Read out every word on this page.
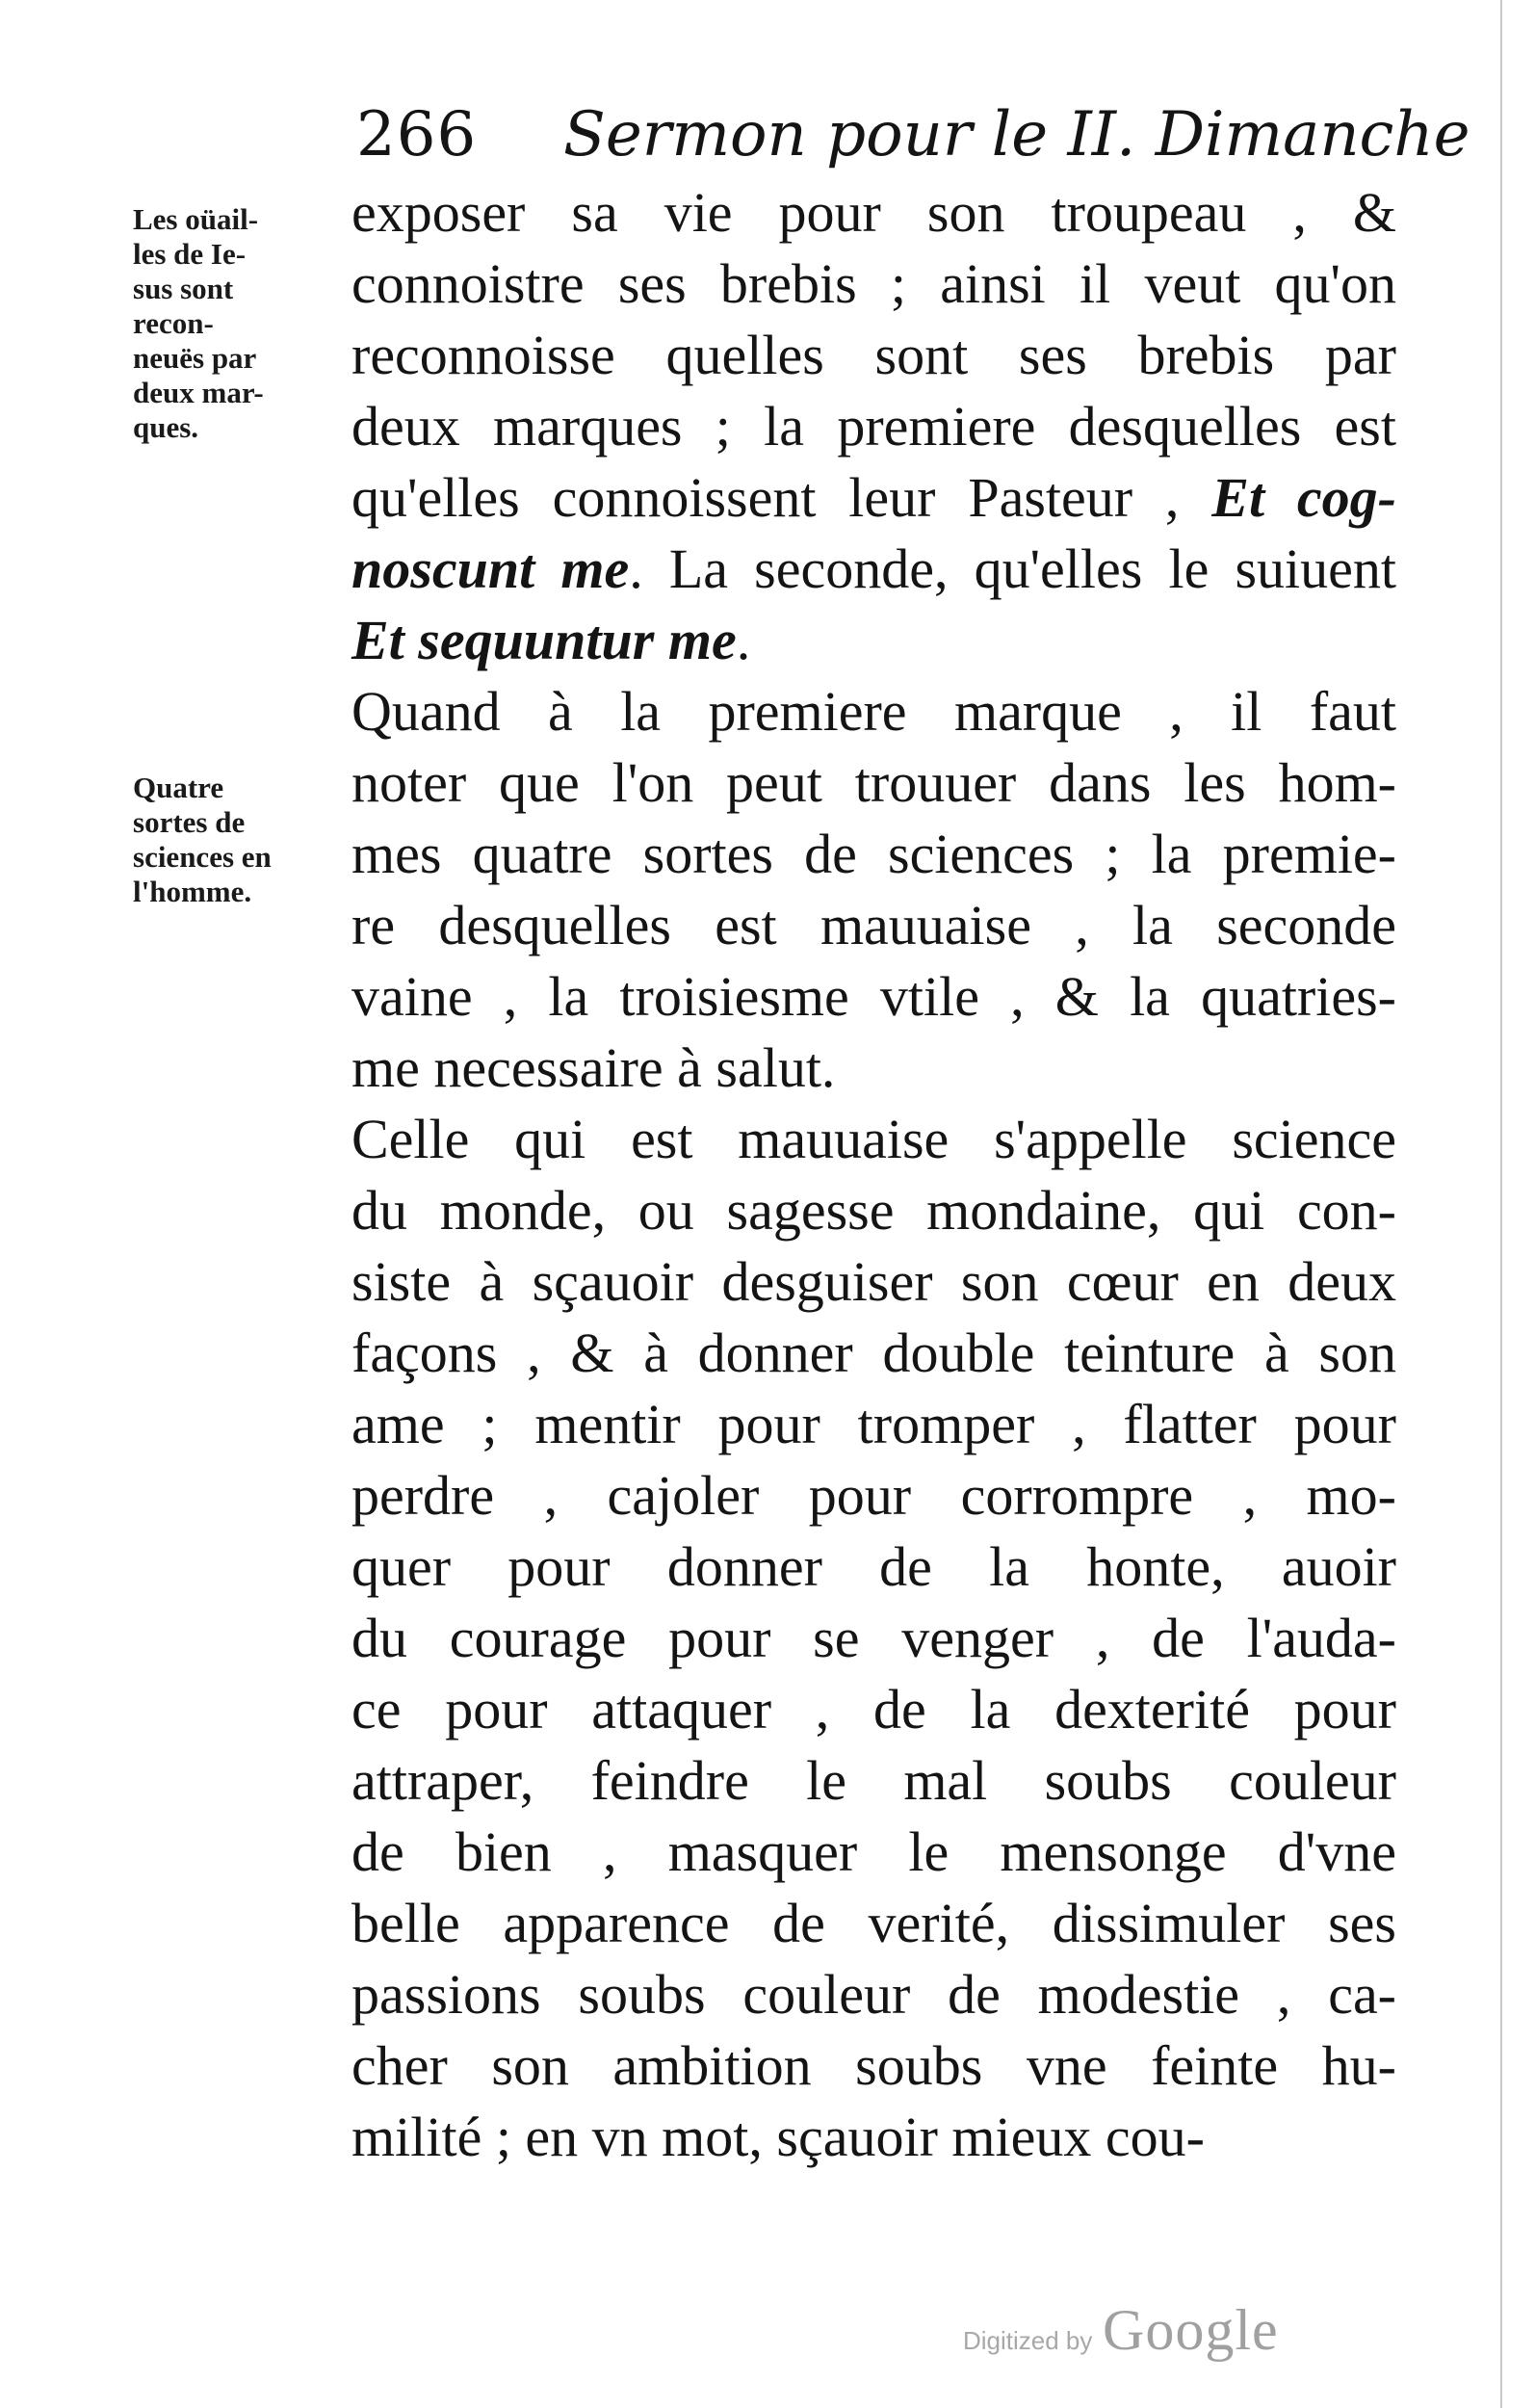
266 Sermon pour le II. Dimanche
Les oüail-
les de Ie-
sus sont
recon-
neuës par
deux mar-
ques.
Quatre
sortes de
sciences en
l'homme.
exposer sa vie pour son troupeau , &
connoistre ses brebis ; ainsi il veut qu'on
reconnoisse quelles sont ses brebis par
deux marques ; la premiere desquelles est
qu'elles connoissent leur Pasteur , Et cog-
noscunt me. La seconde, qu'elles le suiuent
Et sequuntur me.
Quand à la premiere marque , il faut
noter que l'on peut trouuer dans les hom-
mes quatre sortes de sciences ; la premie-
re desquelles est mauuaise , la seconde
vaine , la troisiesme vtile , & la quatries-
me necessaire à salut.
Celle qui est mauuaise s'appelle science
du monde, ou sagesse mondaine, qui con-
siste à sçauoir desguiser son cœur en deux
façons , & à donner double teinture à son
ame ; mentir pour tromper , flatter pour
perdre , cajoler pour corrompre , mo-
quer pour donner de la honte, auoir
du courage pour se venger , de l'auda-
ce pour attaquer , de la dexterité pour
attraper, feindre le mal soubs couleur
de bien , masquer le mensonge d'vne
belle apparence de verité, dissimuler ses
passions soubs couleur de modestie , ca-
cher son ambition soubs vne feinte hu-
milité ; en vn mot, sçauoir mieux cou-
Digitized by Google
